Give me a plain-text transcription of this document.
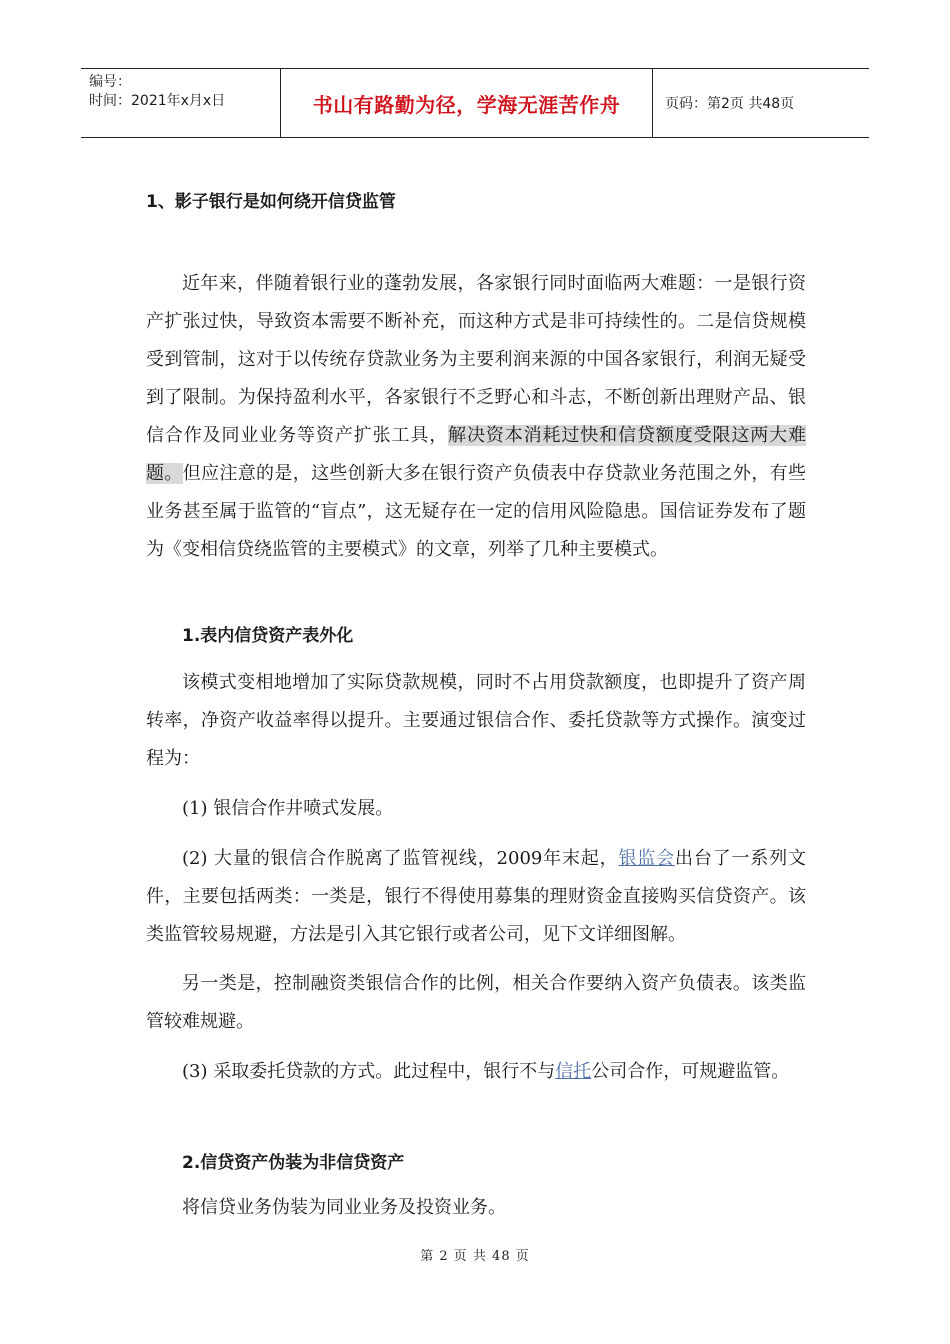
编号：
时间：2021年x月x日	书山有路勤为径，学海无涯苦作舟	页码：第2页 共48页
1、影子银行是如何绕开信贷监管

近年来，伴随着银行业的蓬勃发展，各家银行同时面临两大难题：一是银行资产扩张过快，导致资本需要不断补充，而这种方式是非可持续性的。二是信贷规模受到管制，这对于以传统存贷款业务为主要利润来源的中国各家银行，利润无疑受到了限制。为保持盈利水平，各家银行不乏野心和斗志，不断创新出理财产品、银信合作及同业业务等资产扩张工具，解决资本消耗过快和信贷额度受限这两大难题。但应注意的是，这些创新大多在银行资产负债表中存贷款业务范围之外，有些业务甚至属于监管的“盲点”，这无疑存在一定的信用风险隐患。国信证券发布了题为《变相信贷绕监管的主要模式》的文章，列举了几种主要模式。

1.表内信贷资产表外化

该模式变相地增加了实际贷款规模，同时不占用贷款额度，也即提升了资产周转率，净资产收益率得以提升。主要通过银信合作、委托贷款等方式操作。演变过程为：

(1) 银信合作井喷式发展。

(2) 大量的银信合作脱离了监管视线，2009年末起，银监会出台了一系列文件，主要包括两类：一类是，银行不得使用募集的理财资金直接购买信贷资产。该类监管较易规避，方法是引入其它银行或者公司，见下文详细图解。

另一类是，控制融资类银信合作的比例，相关合作要纳入资产负债表。该类监管较难规避。

(3) 采取委托贷款的方式。此过程中，银行不与信托公司合作，可规避监管。

2.信贷资产伪装为非信贷资产

将信贷业务伪装为同业业务及投资业务。

第 2 页 共 48 页
